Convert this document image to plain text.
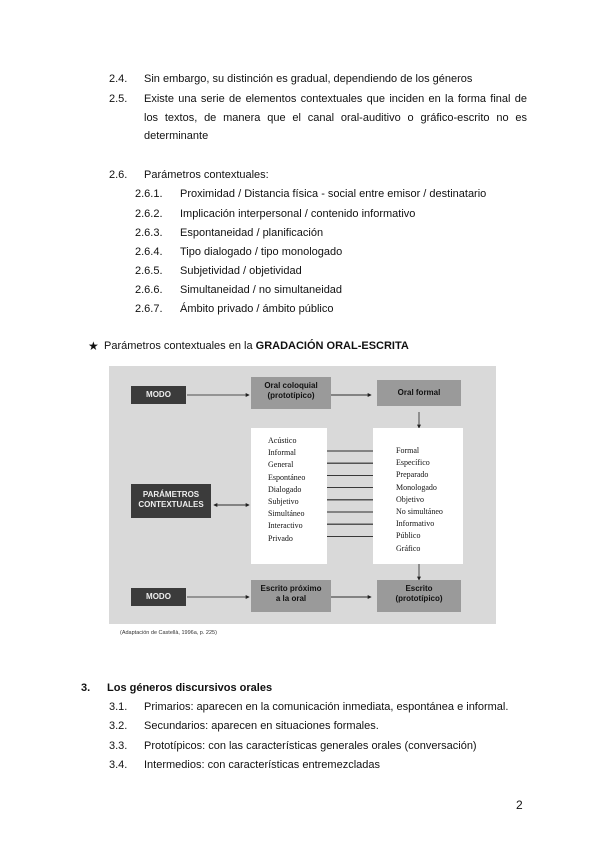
2.4. Sin embargo, su distinción es gradual, dependiendo de los géneros
2.5. Existe una serie de elementos contextuales que inciden en la forma final de los textos, de manera que el canal oral-auditivo o gráfico-escrito no es determinante
2.6. Parámetros contextuales:
2.6.1. Proximidad / Distancia física - social entre emisor / destinatario
2.6.2. Implicación interpersonal / contenido informativo
2.6.3. Espontaneidad / planificación
2.6.4. Tipo dialogado / tipo monologado
2.6.5. Subjetividad / objetividad
2.6.6. Simultaneidad / no simultaneidad
2.6.7. Ámbito privado / ámbito público
★ Parámetros contextuales en la GRADACIÓN ORAL-ESCRITA
MODO
Oral coloquial
(prototípico)	Oral formal
PARÁMETROS
CONTEXTUALES
Acústico
Informal
General
Espontáneo
Dialogado
Subjetivo
Simultáneo
Interactivo
Privado
Formal
Específico
Preparado
Monologado
Objetivo
No simultáneo
Informativo
Público
Gráfico
MODO
Escrito próximo
a la oral
Escrito
(prototípico)
(Adaptación de Castellà, 1996a, p. 225)
3. Los géneros discursivos orales
3.1. Primarios: aparecen en la comunicación inmediata, espontánea e informal.
3.2. Secundarios: aparecen en situaciones formales.
3.3. Prototípicos: con las características generales orales (conversación)
3.4. Intermedios: con características entremezcladas
2
